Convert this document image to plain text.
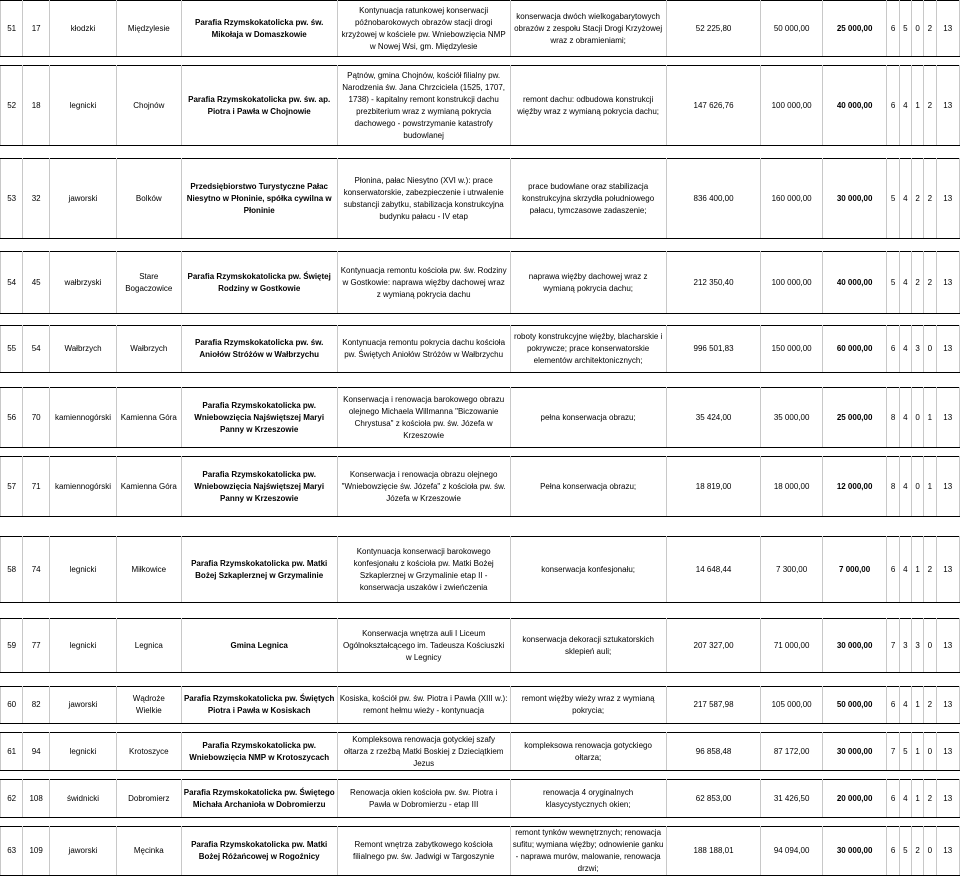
51	17	kłodzki	Międzylesie	Parafia Rzymskokatolicka pw. św. Mikołaja w Domaszkowie	Kontynuacja ratunkowej konserwacji późnobarokowych obrazów stacji drogi krzyżowej w kościele pw. Wniebowzięcia NMP w Nowej Wsi, gm. Międzylesie	konserwacja dwóch wielkogabarytowych obrazów z zespołu Stacji Drogi Krzyżowej wraz z obramieniami;	52 225,80	50 000,00	25 000,00	6	5	0	2	13

52	18	legnicki	Chojnów	Parafia Rzymskokatolicka pw. św. ap. Piotra i Pawła w Chojnowie	Pątnów, gmina Chojnów, kościół filialny pw. Narodzenia św. Jana Chrzciciela (1525, 1707, 1738) - kapitalny remont konstrukcji dachu prezbiterium wraz z wymianą pokrycia dachowego - powstrzymanie katastrofy budowlanej	remont dachu: odbudowa konstrukcji więźby wraz z wymianą pokrycia dachu;	147 626,76	100 000,00	40 000,00	6	4	1	2	13

53	32	jaworski	Bolków	Przedsiębiorstwo Turystyczne Pałac Niesytno w Płoninie, spółka cywilna w Płoninie	Płonina, pałac Niesytno (XVI w.): prace konserwatorskie, zabezpieczenie i utrwalenie substancji zabytku, stabilizacja konstrukcyjna budynku pałacu - IV etap	prace budowlane oraz stabilizacja konstrukcyjna skrzydła południowego pałacu, tymczasowe zadaszenie;	836 400,00	160 000,00	30 000,00	5	4	2	2	13

54	45	wałbrzyski	Stare Bogaczowice	Parafia Rzymskokatolicka pw. Świętej Rodziny w Gostkowie	Kontynuacja remontu kościoła pw. św. Rodziny w Gostkowie: naprawa więźby dachowej wraz z wymianą pokrycia dachu	naprawa więźby dachowej wraz z wymianą pokrycia dachu;	212 350,40	100 000,00	40 000,00	5	4	2	2	13

55	54	Wałbrzych	Wałbrzych	Parafia Rzymskokatolicka pw. św. Aniołów Stróżów w Wałbrzychu	Kontynuacja remontu pokrycia dachu kościoła pw. Świętych Aniołów Stróżów w Wałbrzychu	roboty konstrukcyjne więźby, blacharskie i pokrywcze; prace konserwatorskie elementów architektonicznych;	996 501,83	150 000,00	60 000,00	6	4	3	0	13

56	70	kamiennogórski	Kamienna Góra	Parafia Rzymskokatolicka pw. Wniebowzięcia Najświętszej Maryi Panny w Krzeszowie	Konserwacja i renowacja barokowego obrazu olejnego Michaela Willmanna "Biczowanie Chrystusa" z kościoła pw. św. Józefa w Krzeszowie	pełna konserwacja obrazu;	35 424,00	35 000,00	25 000,00	8	4	0	1	13

57	71	kamiennogórski	Kamienna Góra	Parafia Rzymskokatolicka pw. Wniebowzięcia Najświętszej Maryi Panny w Krzeszowie	Konserwacja i renowacja obrazu olejnego "Wniebowzięcie św. Józefa" z kościoła pw. św. Józefa w Krzeszowie	Pełna konserwacja obrazu;	18 819,00	18 000,00	12 000,00	8	4	0	1	13

58	74	legnicki	Miłkowice	Parafia Rzymskokatolicka pw. Matki Bożej Szkaplerznej w Grzymalinie	Kontynuacja konserwacji barokowego konfesjonału z kościoła pw. Matki Bożej Szkaplerznej w Grzymalinie etap II - konserwacja uszaków i zwieńczenia	konserwacja konfesjonału;	14 648,44	7 300,00	7 000,00	6	4	1	2	13

59	77	legnicki	Legnica	Gmina Legnica	Konserwacja wnętrza auli I Liceum Ogólnokształcącego im. Tadeusza Kościuszki w Legnicy	konserwacja dekoracji sztukatorskich sklepień auli;	207 327,00	71 000,00	30 000,00	7	3	3	0	13

60	82	jaworski	Wądroże Wielkie	Parafia Rzymskokatolicka pw. Świętych Piotra i Pawła w Kosiskach	Kosiska, kościół pw. św. Piotra i Pawła (XIII w.): remont hełmu wieży - kontynuacja	remont więźby wieży wraz z wymianą pokrycia;	217 587,98	105 000,00	50 000,00	6	4	1	2	13

61	94	legnicki	Krotoszyce	Parafia Rzymskokatolicka pw. Wniebowzięcia NMP w Krotoszycach	Kompleksowa renowacja gotyckiej szafy ołtarza z rzeźbą Matki Boskiej z Dzieciątkiem Jezus	kompleksowa renowacja gotyckiego ołtarza;	96 858,48	87 172,00	30 000,00	7	5	1	0	13

62	108	świdnicki	Dobromierz	Parafia Rzymskokatolicka pw. Świętego Michała Archanioła w Dobromierzu	Renowacja okien kościoła pw. św. Piotra i Pawła w Dobromierzu - etap III	renowacja 4 oryginalnych klasycystycznych okien;	62 853,00	31 426,50	20 000,00	6	4	1	2	13

63	109	jaworski	Męcinka	Parafia Rzymskokatolicka pw. Matki Bożej Różańcowej w Rogoźnicy	Remont wnętrza zabytkowego kościoła filialnego pw. św. Jadwigi w Targoszynie	remont tynków wewnętrznych; renowacja sufitu; wymiana więźby; odnowienie ganku - naprawa murów, malowanie, renowacja drzwi;	188 188,01	94 094,00	30 000,00	6	5	2	0	13
